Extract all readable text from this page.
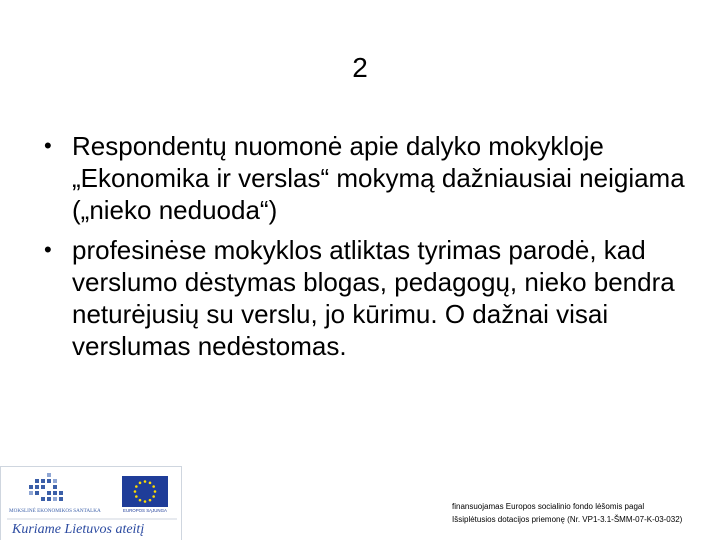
2
• Respondentų nuomonė apie dalyko mokykloje „Ekonomika ir verslas“ mokymą dažniausiai neigiama („nieko neduoda“)
• profesinėse mokyklos atliktas tyrimas parodė, kad verslumo dėstymas blogas, pedagogų, nieko bendra neturėjusių su verslu, jo kūrimu. O dažnai visai verslumas nedėstomas.
MOKSLINĖ EKONOMIKOS SANTALKA	EUROPOS SĄJUNGA
Kuriame Lietuvos ateitį
finansuojamas Europos socialinio fondo lėšomis pagal
Išsiplėtusios dotacijos priemonę (Nr. VP1-3.1-ŠMM-07-K-03-032)
